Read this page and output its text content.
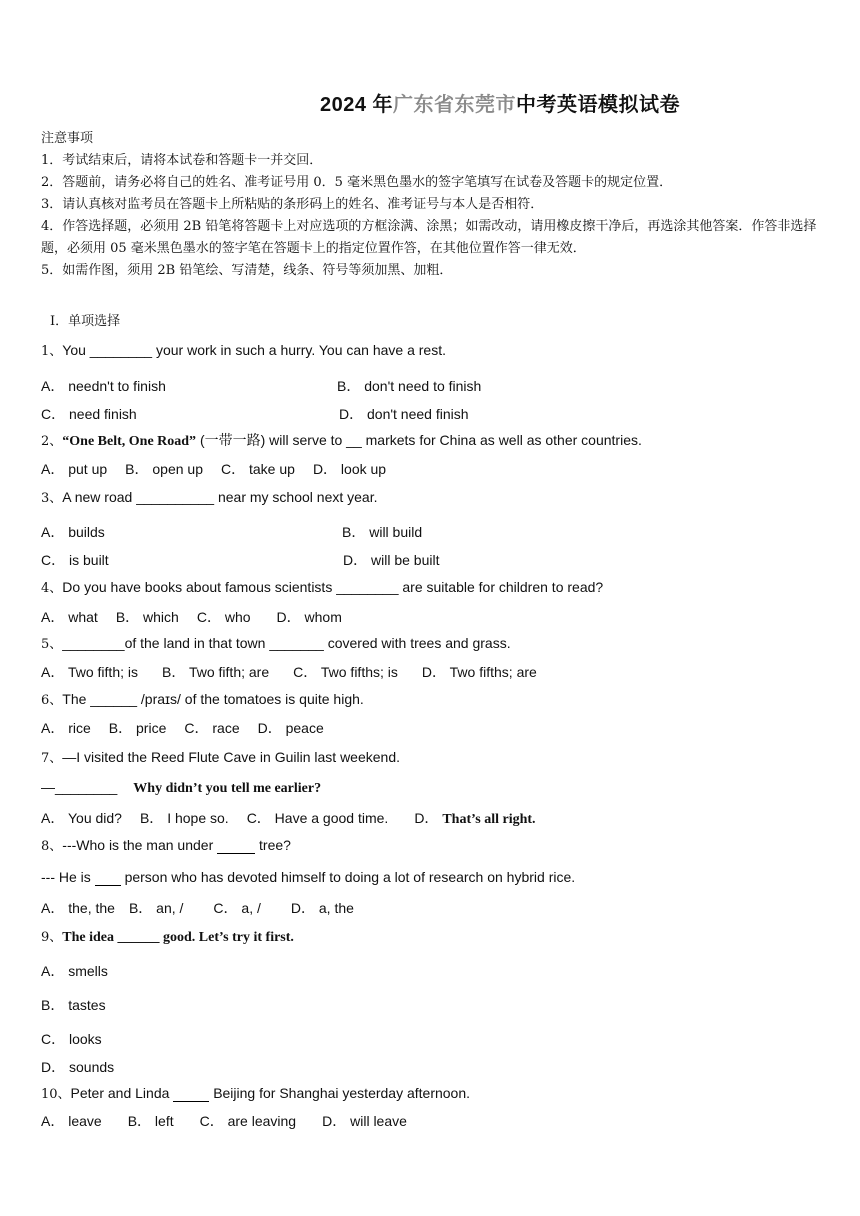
2024 年广东省东莞市中考英语模拟试卷
注意事项
1．考试结束后，请将本试卷和答题卡一并交回．
2．答题前，请务必将自己的姓名、准考证号用 0．5 毫米黑色墨水的签字笔填写在试卷及答题卡的规定位置．
3．请认真核对监考员在答题卡上所粘贴的条形码上的姓名、准考证号与本人是否相符．
4．作答选择题，必须用 2B 铅笔将答题卡上对应选项的方框涂满、涂黑；如需改动，请用橡皮擦干净后，再选涂其他答案．作答非选择题，必须用 05 毫米黑色墨水的签字笔在答题卡上的指定位置作答，在其他位置作答一律无效．
5．如需作图，须用 2B 铅笔绘、写清楚，线条、符号等须加黑、加粗．
Ⅰ．单项选择
1、You ________ your work in such a hurry. You can have a rest.
A． needn't to finish	B． don't need to finish
C． need finish	D． don't need finish
2、“One Belt, One Road” (一带一路) will serve to __ markets for China as well as other countries.
A． put up B． open up C． take up D． look up
3、A new road __________ near my school next year.
A． builds	B． will build
C． is built	D． will be built
4、Do you have books about famous scientists ________ are suitable for children to read?
A． what B． which C． who D． whom
5、________of the land in that town _______ covered with trees and grass.
A． Two fifth; is B． Two fifth; are C． Two fifths; is D． Two fifths; are
6、The ______ /praɪs/ of the tomatoes is quite high.
A． rice B． price C． race D． peace
7、—I visited the Reed Flute Cave in Guilin last weekend.
—________ Why didn’t you tell me earlier?
A． You did? B． I hope so. C． Have a good time. D． That’s all right.
8、---Who is the man under	tree?
--- He is person who has devoted himself to doing a lot of research on hybrid rice.
A． the, the B． an, / C． a, / D． a, the
9、The idea ______ good. Let’s try it first.
A． smells
B． tastes
C． looks
D． sounds
10、Peter and Linda	Beijing for Shanghai yesterday afternoon.
A． leave B． left C． are leaving D． will leave
